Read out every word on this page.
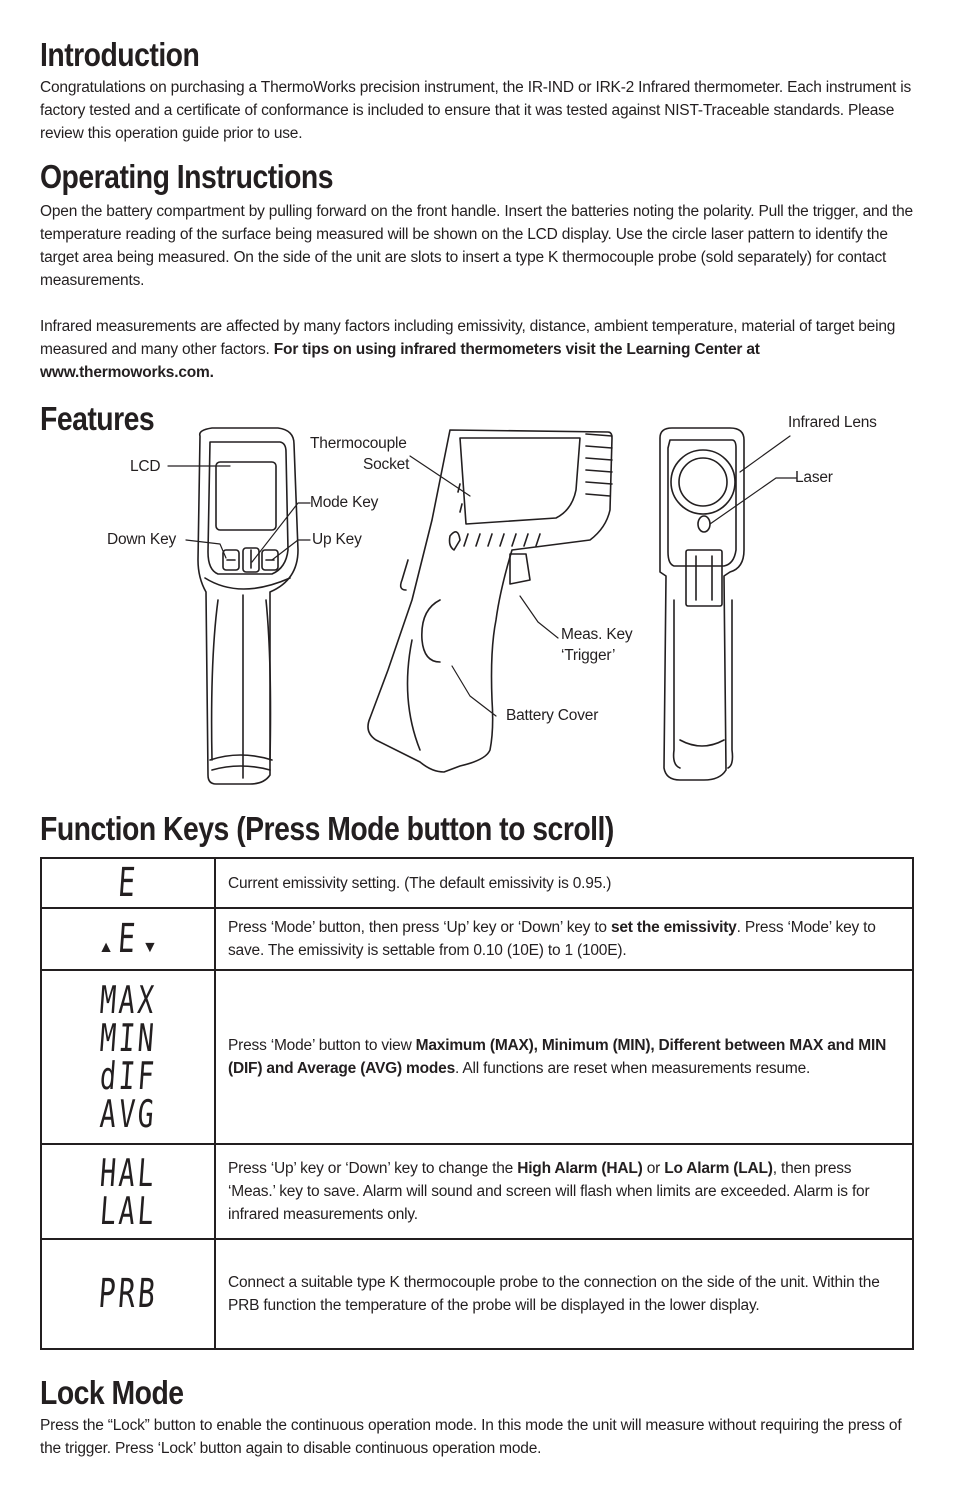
Introduction

Congratulations on purchasing a ThermoWorks precision instrument, the IR-IND or IRK-2 Infrared thermometer. Each instrument is factory tested and a certificate of conformance is included to ensure that it was tested against NIST-Traceable standards. Please review this operation guide prior to use.

Operating Instructions

Open the battery compartment by pulling forward on the front handle. Insert the batteries noting the polarity. Pull the trigger, and the temperature reading of the surface being measured will be shown on the LCD display. Use the circle laser pattern to identify the target area being measured. On the side of the unit are slots to insert a type K thermocouple probe (sold separately) for contact measurements.

Infrared measurements are affected by many factors including emissivity, distance, ambient temperature, material of target being measured and many other factors. For tips on using infrared thermometers visit the Learning Center at www.thermoworks.com.

Features
LCD
Down Key
Thermocouple
Socket
Mode Key
Up Key
Meas. Key
‘Trigger’
Battery Cover
Infrared Lens
Laser
Function Keys (Press Mode button to scroll)
E	Current emissivity setting. (The default emissivity is 0.95.)
▲E ▼	Press ‘Mode’ button, then press ‘Up’ key or ‘Down’ key to set the emissivity. Press ‘Mode’ key to save. The emissivity is settable from 0.10 (10E) to 1 (100E).
MAX
MIN
dIF
AVG	Press ‘Mode’ button to view Maximum (MAX), Minimum (MIN), Different between MAX and MIN (DIF) and Average (AVG) modes. All functions are reset when measurements resume.
HAL
LAL	Press ‘Up’ key or ‘Down’ key to change the High Alarm (HAL) or Lo Alarm (LAL), then press ‘Meas.’ key to save. Alarm will sound and screen will flash when limits are exceeded. Alarm is for infrared measurements only.
PRB	Connect a suitable type K thermocouple probe to the connection on the side of the unit. Within the PRB function the temperature of the probe will be displayed in the lower display.
Lock Mode

Press the “Lock” button to enable the continuous operation mode. In this mode the unit will measure without requiring the press of the trigger. Press ‘Lock’ button again to disable continuous operation mode.
